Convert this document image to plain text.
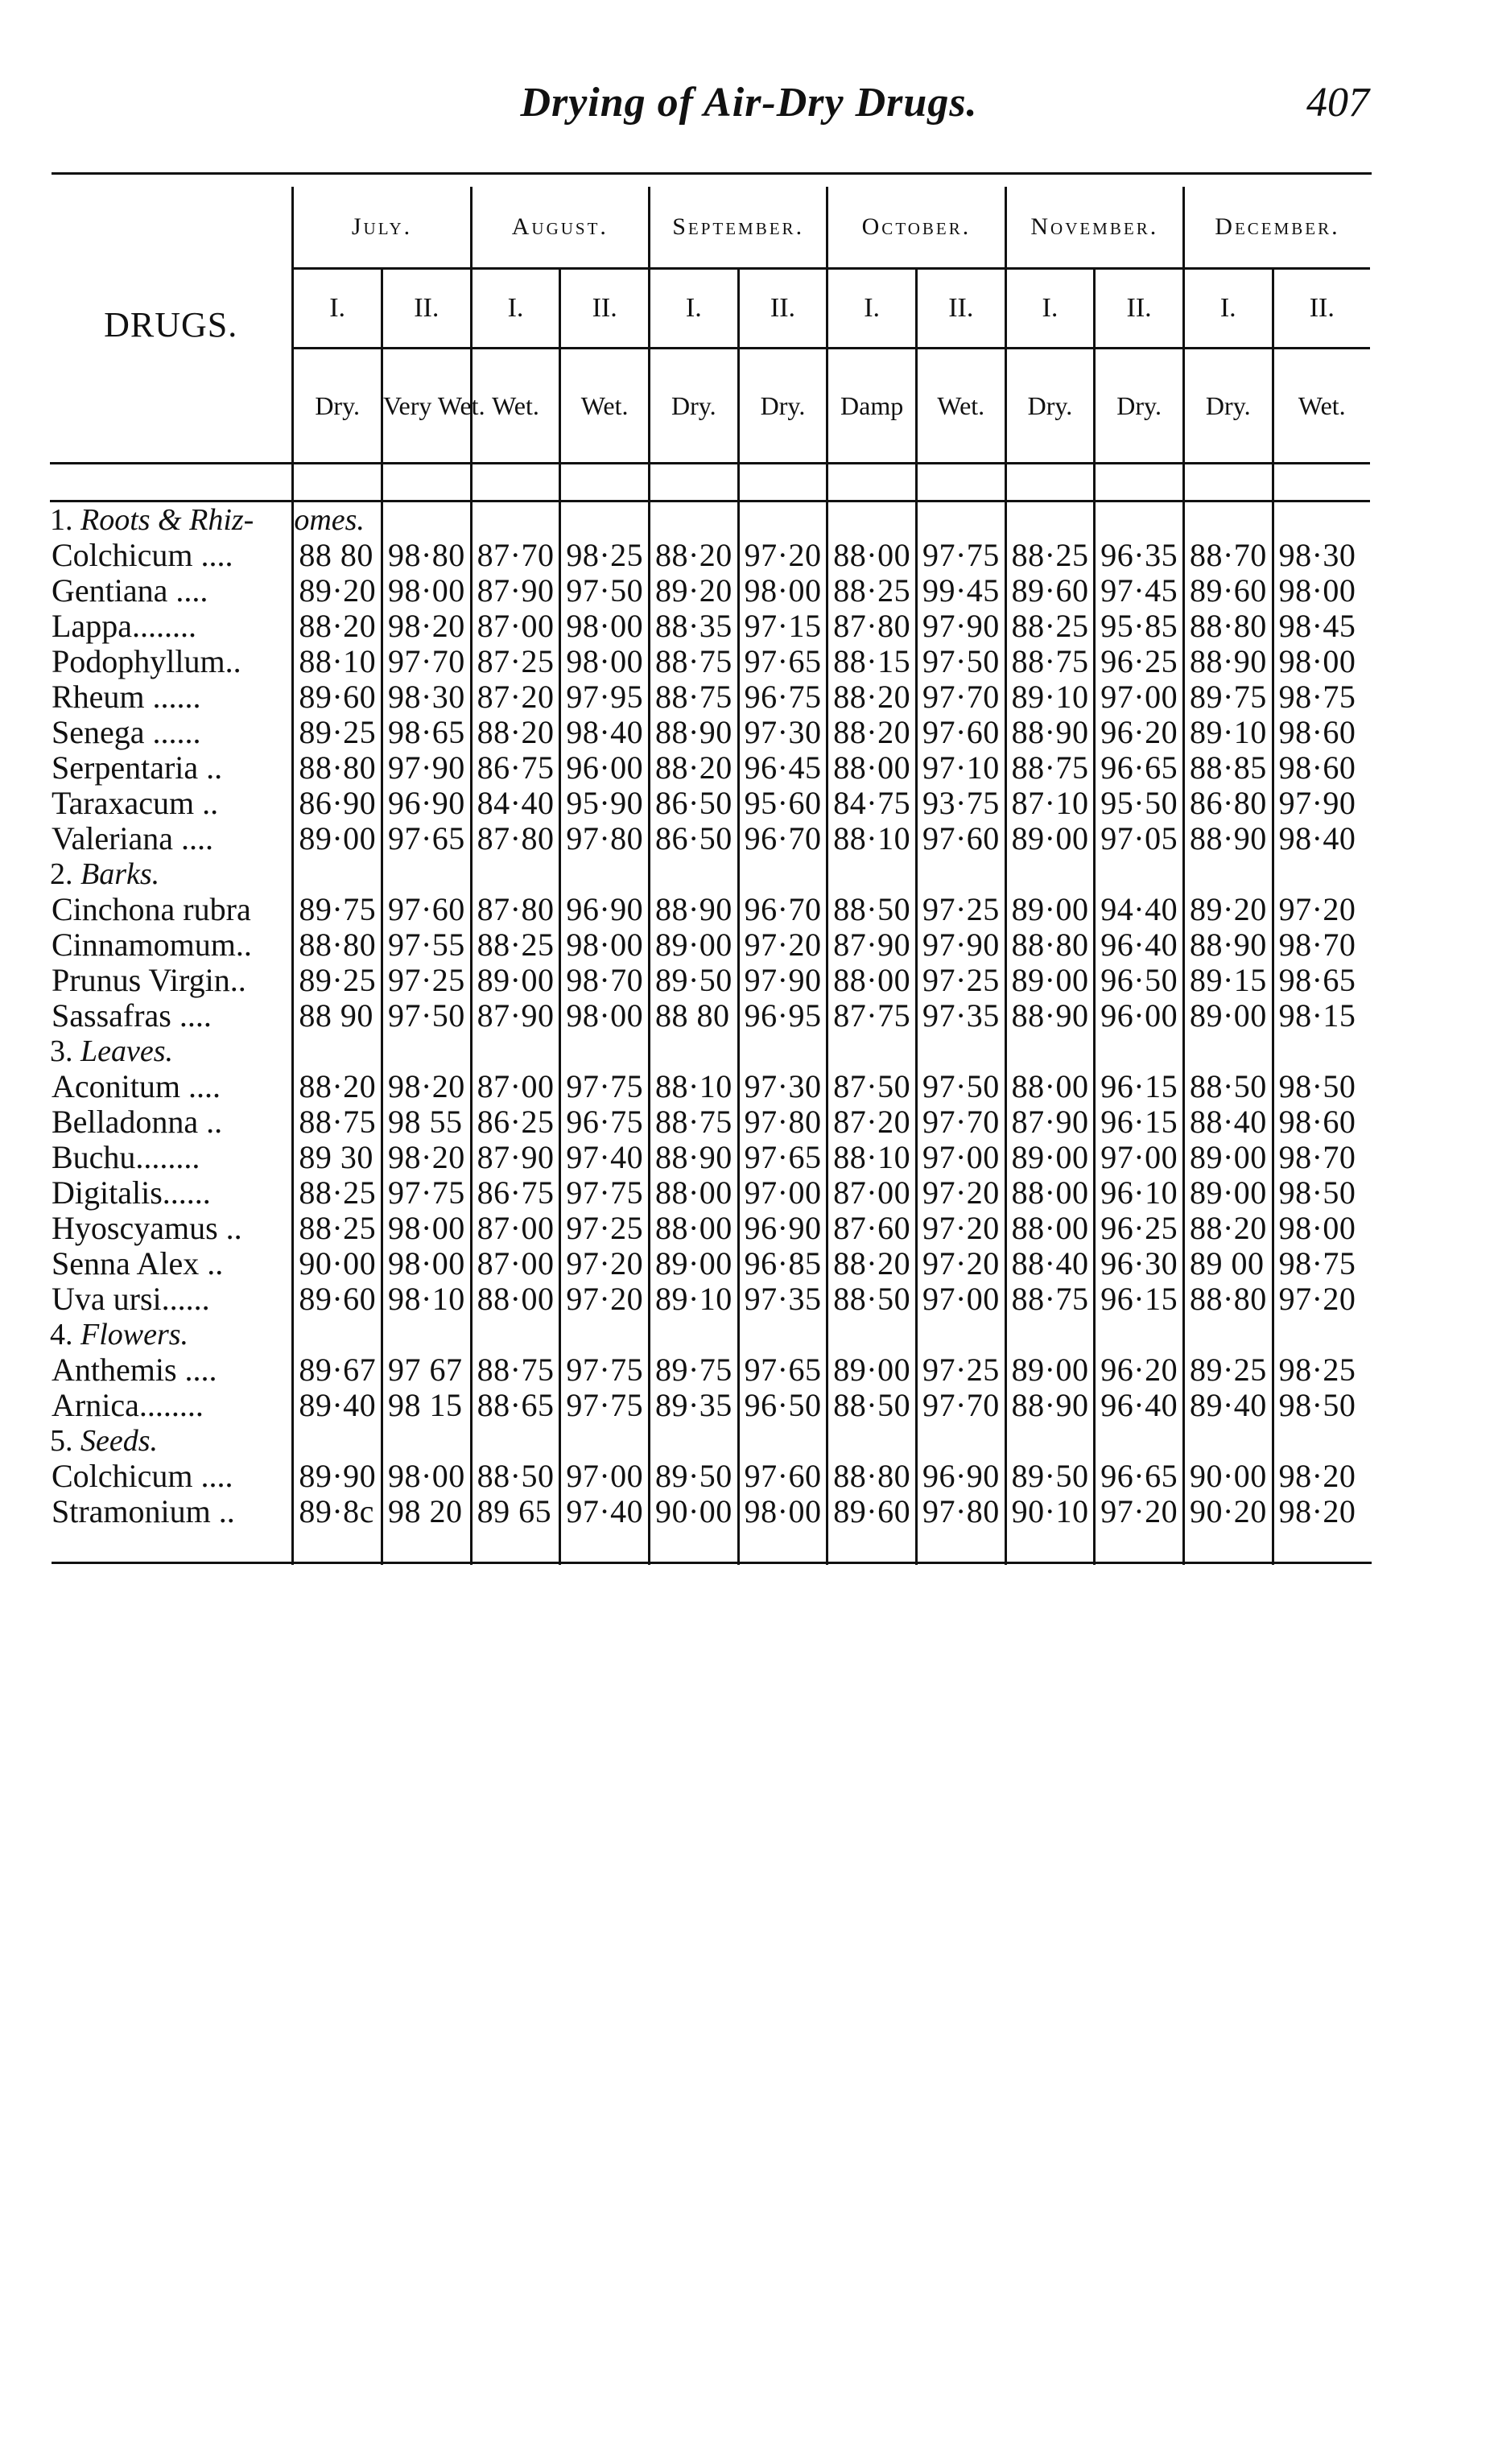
Drying of Air-Dry Drugs.	407
DRUGS.	July.		August.		September.		October.		November.		December.	
	I.	II.	I.	II.	I.	II.	I.	II.	I.	II.	I.	II.
	Dry.	Very Wet.	Wet.	Wet.	Dry.	Dry.	Damp	Wet.	Dry.	Dry.	Dry.	Wet.

1. Roots & Rhiz-	omes.											
Colchicum ....	88 80	98·80	87·70	98·25	88·20	97·20	88·00	97·75	88·25	96·35	88·70	98·30
Gentiana ....	89·20	98·00	87·90	97·50	89·20	98·00	88·25	99·45	89·60	97·45	89·60	98·00
Lappa........	88·20	98·20	87·00	98·00	88·35	97·15	87·80	97·90	88·25	95·85	88·80	98·45
Podophyllum..	88·10	97·70	87·25	98·00	88·75	97·65	88·15	97·50	88·75	96·25	88·90	98·00
Rheum ......	89·60	98·30	87·20	97·95	88·75	96·75	88·20	97·70	89·10	97·00	89·75	98·75
Senega ......	89·25	98·65	88·20	98·40	88·90	97·30	88·20	97·60	88·90	96·20	89·10	98·60
Serpentaria ..	88·80	97·90	86·75	96·00	88·20	96·45	88·00	97·10	88·75	96·65	88·85	98·60
Taraxacum ..	86·90	96·90	84·40	95·90	86·50	95·60	84·75	93·75	87·10	95·50	86·80	97·90
Valeriana ....	89·00	97·65	87·80	97·80	86·50	96·70	88·10	97·60	89·00	97·05	88·90	98·40
2. Barks.												
Cinchona rubra	89·75	97·60	87·80	96·90	88·90	96·70	88·50	97·25	89·00	94·40	89·20	97·20
Cinnamomum..	88·80	97·55	88·25	98·00	89·00	97·20	87·90	97·90	88·80	96·40	88·90	98·70
Prunus Virgin..	89·25	97·25	89·00	98·70	89·50	97·90	88·00	97·25	89·00	96·50	89·15	98·65
Sassafras ....	88 90	97·50	87·90	98·00	88 80	96·95	87·75	97·35	88·90	96·00	89·00	98·15
3. Leaves.												
Aconitum ....	88·20	98·20	87·00	97·75	88·10	97·30	87·50	97·50	88·00	96·15	88·50	98·50
Belladonna ..	88·75	98 55	86·25	96·75	88·75	97·80	87·20	97·70	87·90	96·15	88·40	98·60
Buchu........	89 30	98·20	87·90	97·40	88·90	97·65	88·10	97·00	89·00	97·00	89·00	98·70
Digitalis......	88·25	97·75	86·75	97·75	88·00	97·00	87·00	97·20	88·00	96·10	89·00	98·50
Hyoscyamus ..	88·25	98·00	87·00	97·25	88·00	96·90	87·60	97·20	88·00	96·25	88·20	98·00
Senna Alex ..	90·00	98·00	87·00	97·20	89·00	96·85	88·20	97·20	88·40	96·30	89 00	98·75
Uva ursi......	89·60	98·10	88·00	97·20	89·10	97·35	88·50	97·00	88·75	96·15	88·80	97·20
4. Flowers.												
Anthemis ....	89·67	97 67	88·75	97·75	89·75	97·65	89·00	97·25	89·00	96·20	89·25	98·25
Arnica........	89·40	98 15	88·65	97·75	89·35	96·50	88·50	97·70	88·90	96·40	89·40	98·50
5. Seeds.												
Colchicum ....	89·90	98·00	88·50	97·00	89·50	97·60	88·80	96·90	89·50	96·65	90·00	98·20
Stramonium ..	89·8c	98 20	89 65	97·40	90·00	98·00	89·60	97·80	90·10	97·20	90·20	98·20
